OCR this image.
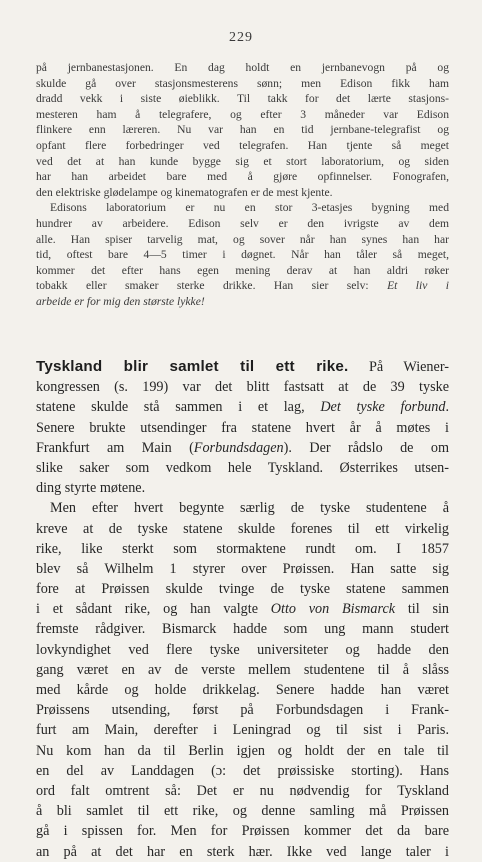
229
på jernbanestasjonen. En dag holdt en jernbanevogn på og
skulde gå over stasjonsmesterens sønn; men Edison fikk ham
dradd vekk i siste øieblikk. Til takk for det lærte stasjons-
mesteren ham å telegrafere, og efter 3 måneder var Edison
flinkere enn læreren. Nu var han en tid jernbane-telegrafist og
opfant flere forbedringer ved telegrafen. Han tjente så meget
ved det at han kunde bygge sig et stort laboratorium, og siden
har han arbeidet bare med å gjøre opfinnelser. Fonografen,
den elektriske glødelampe og kinematografen er de mest kjente.
Edisons laboratorium er nu en stor 3-etasjes bygning med
hundrer av arbeidere. Edison selv er den ivrigste av dem
alle. Han spiser tarvelig mat, og sover når han synes han har
tid, oftest bare 4—5 timer i døgnet. Når han tåler så meget,
kommer det efter hans egen mening derav at han aldri røker
tobakk eller smaker sterke drikke. Han sier selv: Et liv i
arbeide er for mig den største lykke!
Tyskland blir samlet til ett rike. På Wiener-
kongressen (s. 199) var det blitt fastsatt at de 39 tyske
statene skulde stå sammen i et lag, Det tyske forbund.
Senere brukte utsendinger fra statene hvert år å møtes i
Frankfurt am Main (Forbundsdagen). Der rådslo de om
slike saker som vedkom hele Tyskland. Østerrikes utsen-
ding styrte møtene.
Men efter hvert begynte særlig de tyske studentene å
kreve at de tyske statene skulde forenes til ett virkelig
rike, like sterkt som stormaktene rundt om. I 1857
blev så Wilhelm 1 styrer over Prøissen. Han satte sig
fore at Prøissen skulde tvinge de tyske statene sammen
i et sådant rike, og han valgte Otto von Bismarck til sin
fremste rådgiver. Bismarck hadde som ung mann studert
lovkyndighet ved flere tyske universiteter og hadde den
gang været en av de verste mellem studentene til å slåss
med kårde og holde drikkelag. Senere hadde han været
Prøissens utsending, først på Forbundsdagen i Frank-
furt am Main, derefter i Leningrad og til sist i Paris.
Nu kom han da til Berlin igjen og holdt der en tale til
en del av Landdagen (ɔ: det prøissiske storting). Hans
ord falt omtrent så: Det er nu nødvendig for Tyskland
å bli samlet til ett rike, og denne samling må Prøissen
gå i spissen for. Men for Prøissen kommer det da bare
an på at det har en sterk hær. Ikke ved lange taler i
